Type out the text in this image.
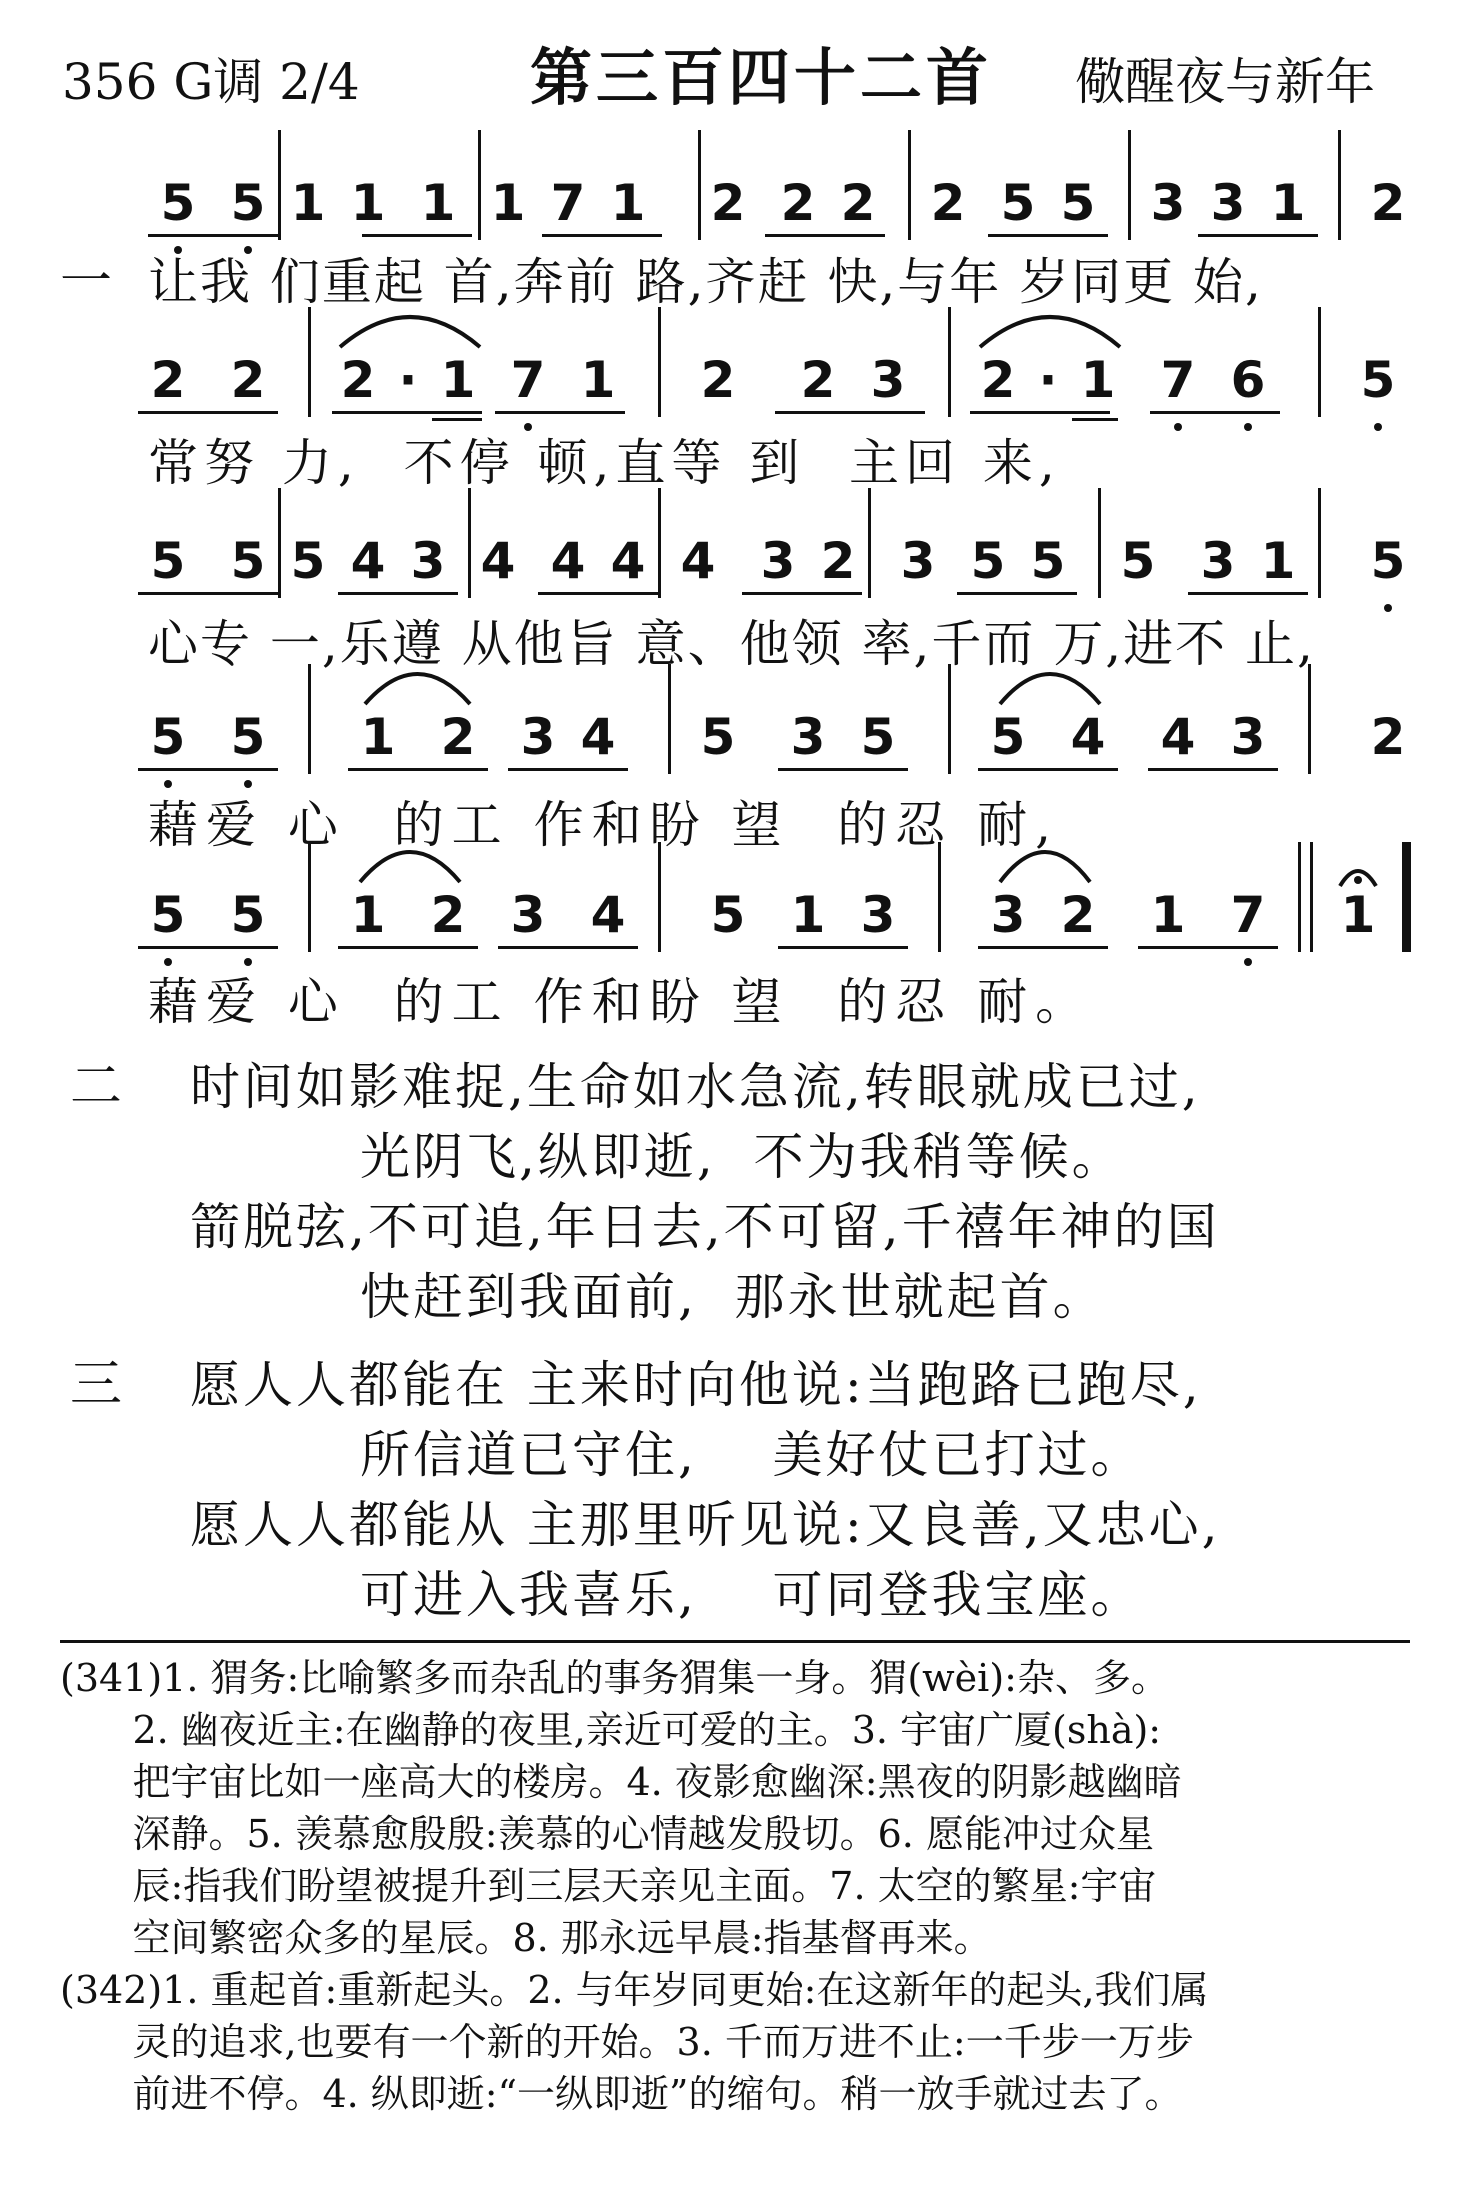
356 G调 2/4	第三百四十二首 儆醒夜与新年
5 5 1 1 1 1 7 1 2 2 2 2 5 5 3 3 1 2
2 2 2 · 1 7 1 2 2 3 2 · 1 7 6 5
5 5 5 4 3 4 4 4 4 3 2 3 5 5 5 3 1 5
5 5 1 2 3 4 5 3 5 5 4 4 3 2
5 5 1 2 3 4 5 1 3 3 2 1 7 1
一 让我 们重起 首,奔前 路,齐赶 快,与年 岁同更 始,
常努 力,  不停 顿,直等 到  主回 来,
心专 一,乐遵 从他旨 意、他领 率,千而 万,进不 止,
藉爱 心  的工 作和盼 望  的忍 耐,
藉爱 心  的工 作和盼 望  的忍 耐。
二 时间如影难捉,生命如水急流,转眼就成已过,
光阴飞,纵即逝,  不为我稍等候。
箭脱弦,不可追,年日去,不可留,千禧年神的国
快赶到我面前,  那永世就起首。
三 愿人人都能在 主来时向他说:当跑路已跑尽,
所信道已守住,    美好仗已打过。
愿人人都能从 主那里听见说:又良善,又忠心,
可进入我喜乐,    可同登我宝座。
(341)1. 猬务:比喻繁多而杂乱的事务猬集一身。猬(wèi):杂、多。
2. 幽夜近主:在幽静的夜里,亲近可爱的主。3. 宇宙广厦(shà):
把宇宙比如一座高大的楼房。4. 夜影愈幽深:黑夜的阴影越幽暗
深静。5. 羡慕愈殷殷:羡慕的心情越发殷切。6. 愿能冲过众星
辰:指我们盼望被提升到三层天亲见主面。7. 太空的繁星:宇宙
空间繁密众多的星辰。8. 那永远早晨:指基督再来。
(342)1. 重起首:重新起头。2. 与年岁同更始:在这新年的起头,我们属
灵的追求,也要有一个新的开始。3. 千而万进不止:一千步一万步
前进不停。4. 纵即逝:“一纵即逝”的缩句。稍一放手就过去了。
